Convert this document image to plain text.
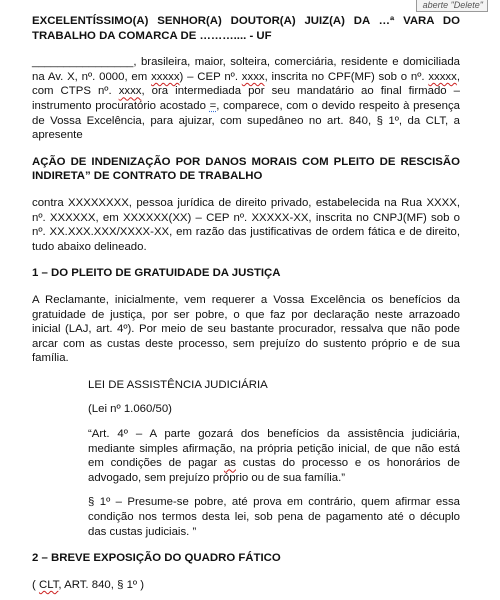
aberte "Delete"

EXCELENTÍSSIMO(A) SENHOR(A) DOUTOR(A) JUIZ(A) DA …ª VARA DO TRABALHO DA COMARCA DE ……….... - UF

________________, brasileira, maior, solteira, comerciária, residente e domiciliada na Av. X, nº. 0000, em xxxxx) – CEP nº. xxxx, inscrita no CPF(MF) sob o nº. xxxxx, com CTPS nº. xxxx, ora intermediada por seu mandatário ao final firmado – instrumento procuratório acostado =, comparece, com o devido respeito à presença de Vossa Excelência, para ajuizar, com supedâneo no art. 840, § 1º, da CLT, a apresente

AÇÃO DE INDENIZAÇÃO POR DANOS MORAIS COM PLEITO DE RESCISÃO INDIRETA” DE CONTRATO DE TRABALHO

contra XXXXXXXX, pessoa jurídica de direito privado, estabelecida na Rua XXXX, nº. XXXXXX, em XXXXXX(XX) – CEP nº. XXXXX-XX, inscrita no CNPJ(MF) sob o nº. XX.XXX.XXX/XXXX-XX, em razão das justificativas de ordem fática e de direito, tudo abaixo delineado.

1 – DO PLEITO DE GRATUIDADE DA JUSTIÇA

A Reclamante, inicialmente, vem requerer a Vossa Excelência os benefícios da gratuidade de justiça, por ser pobre, o que faz por declaração neste arrazoado inicial (LAJ, art. 4º). Por meio de seu bastante procurador, ressalva que não pode arcar com as custas deste processo, sem prejuízo do sustento próprio e de sua família.

LEI DE ASSISTÊNCIA JUDICIÁRIA

(Lei nº 1.060/50)

“Art. 4º – A parte gozará dos benefícios da assistência judiciária, mediante simples afirmação, na própria petição inicial, de que não está em condições de pagar as custas do processo e os honorários de advogado, sem prejuízo próprio ou de sua família.”

§ 1º – Presume-se pobre, até prova em contrário, quem afirmar essa condição nos termos desta lei, sob pena de pagamento até o décuplo das custas judiciais. ”

2 – BREVE EXPOSIÇÃO DO QUADRO FÁTICO

( CLT, ART. 840, § 1º )
